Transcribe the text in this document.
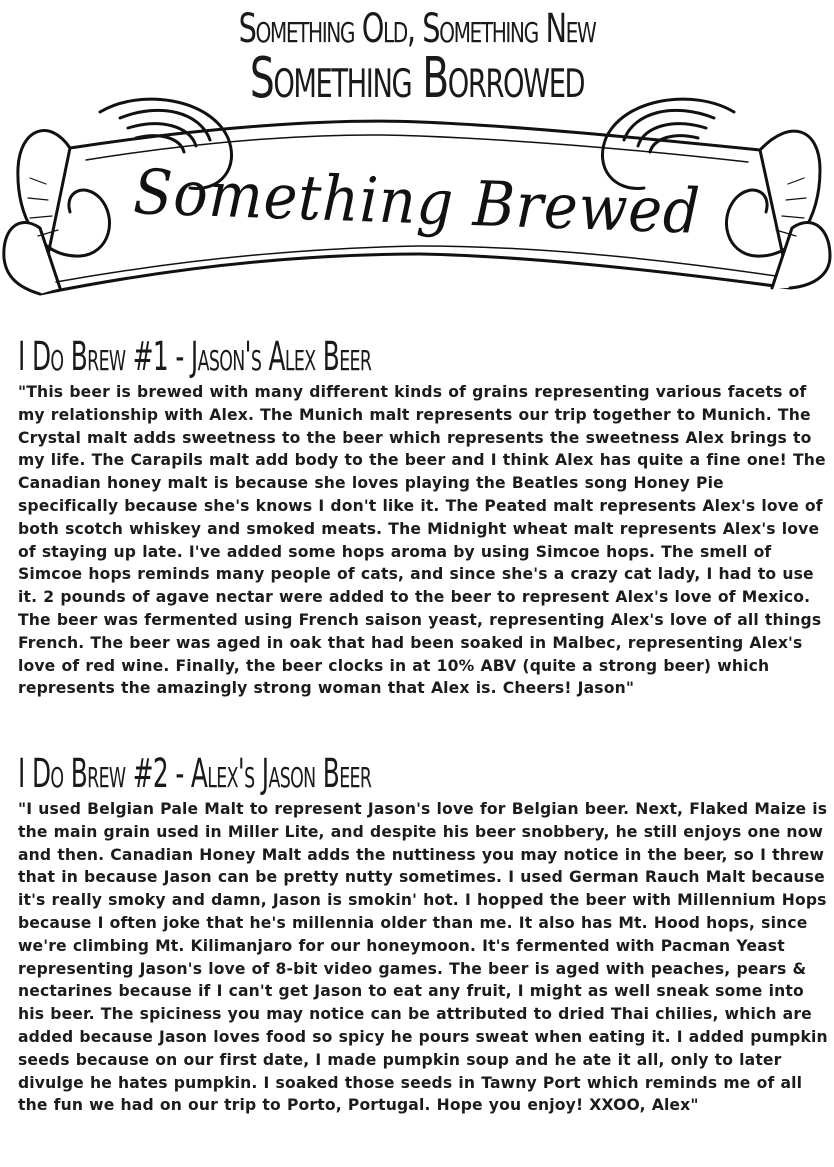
Something Old, Something New
Something Borrowed
Something Brewed
I Do Brew #1 - Jason's Alex Beer

"This beer is brewed with many different kinds of grains representing various facets of my relationship with Alex. The Munich malt represents our trip together to Munich. The Crystal malt adds sweetness to the beer which represents the sweetness Alex brings to my life. The Carapils malt add body to the beer and I think Alex has quite a fine one! The Canadian honey malt is because she loves playing the Beatles song Honey Pie specifically because she's knows I don't like it. The Peated malt represents Alex's love of both scotch whiskey and smoked meats. The Midnight wheat malt represents Alex's love of staying up late. I've added some hops aroma by using Simcoe hops. The smell of Simcoe hops reminds many people of cats, and since she's a crazy cat lady, I had to use it. 2 pounds of agave nectar were added to the beer to represent Alex's love of Mexico. The beer was fermented using French saison yeast, representing Alex's love of all things French. The beer was aged in oak that had been soaked in Malbec, representing Alex's love of red wine. Finally, the beer clocks in at 10% ABV (quite a strong beer) which represents the amazingly strong woman that Alex is. Cheers! Jason"

I Do Brew #2 - Alex's Jason Beer

"I used Belgian Pale Malt to represent Jason's love for Belgian beer. Next, Flaked Maize is the main grain used in Miller Lite, and despite his beer snobbery, he still enjoys one now and then. Canadian Honey Malt adds the nuttiness you may notice in the beer, so I threw that in because Jason can be pretty nutty sometimes. I used German Rauch Malt because it's really smoky and damn, Jason is smokin' hot. I hopped the beer with Millennium Hops because I often joke that he's millennia older than me. It also has Mt. Hood hops, since we're climbing Mt. Kilimanjaro for our honeymoon. It's fermented with Pacman Yeast representing Jason's love of 8-bit video games. The beer is aged with peaches, pears & nectarines because if I can't get Jason to eat any fruit, I might as well sneak some into his beer. The spiciness you may notice can be attributed to dried Thai chilies, which are added because Jason loves food so spicy he pours sweat when eating it. I added pumpkin seeds because on our first date, I made pumpkin soup and he ate it all, only to later divulge he hates pumpkin. I soaked those seeds in Tawny Port which reminds me of all the fun we had on our trip to Porto, Portugal. Hope you enjoy! XXOO, Alex"
